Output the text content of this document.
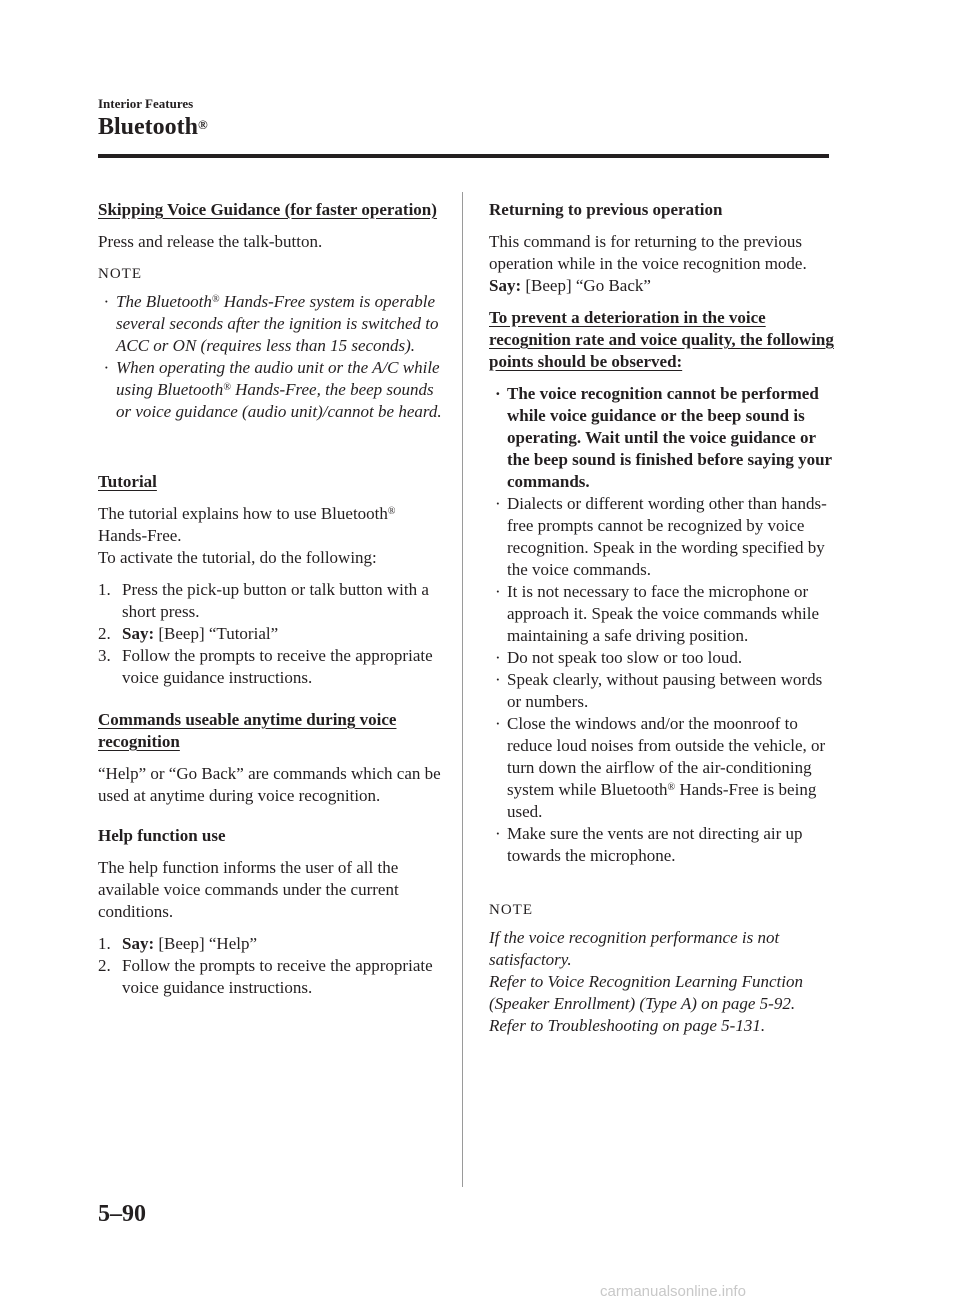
Interior Features
Bluetooth®

Skipping Voice Guidance (for faster operation)

Press and release the talk-button.

NOTE

· The Bluetooth® Hands-Free system is operable several seconds after the ignition is switched to ACC or ON (requires less than 15 seconds).

· When operating the audio unit or the A/C while using Bluetooth® Hands-Free, the beep sounds or voice guidance (audio unit)/cannot be heard.

Tutorial

The tutorial explains how to use Bluetooth® Hands-Free.

To activate the tutorial, do the following:

1. Press the pick-up button or talk button with a short press.

2. Say: [Beep] “Tutorial”

3. Follow the prompts to receive the appropriate voice guidance instructions.

Commands useable anytime during voice recognition

“Help” or “Go Back” are commands which can be used at anytime during voice recognition.

Help function use

The help function informs the user of all the available voice commands under the current conditions.

1. Say: [Beep] “Help”

2. Follow the prompts to receive the appropriate voice guidance instructions.

Returning to previous operation

This command is for returning to the previous operation while in the voice recognition mode.

Say: [Beep] “Go Back”

To prevent a deterioration in the voice recognition rate and voice quality, the following points should be observed:

· The voice recognition cannot be performed while voice guidance or the beep sound is operating. Wait until the voice guidance or the beep sound is finished before saying your commands.

· Dialects or different wording other than hands-free prompts cannot be recognized by voice recognition. Speak in the wording specified by the voice commands.

· It is not necessary to face the microphone or approach it. Speak the voice commands while maintaining a safe driving position.

· Do not speak too slow or too loud.

· Speak clearly, without pausing between words or numbers.

· Close the windows and/or the moonroof to reduce loud noises from outside the vehicle, or turn down the airflow of the air-conditioning system while Bluetooth® Hands-Free is being used.

· Make sure the vents are not directing air up towards the microphone.

NOTE

If the voice recognition performance is not satisfactory.

Refer to Voice Recognition Learning Function (Speaker Enrollment) (Type A) on page 5-92.

Refer to Troubleshooting on page 5-131.

5–90
carmanualsonline.info
